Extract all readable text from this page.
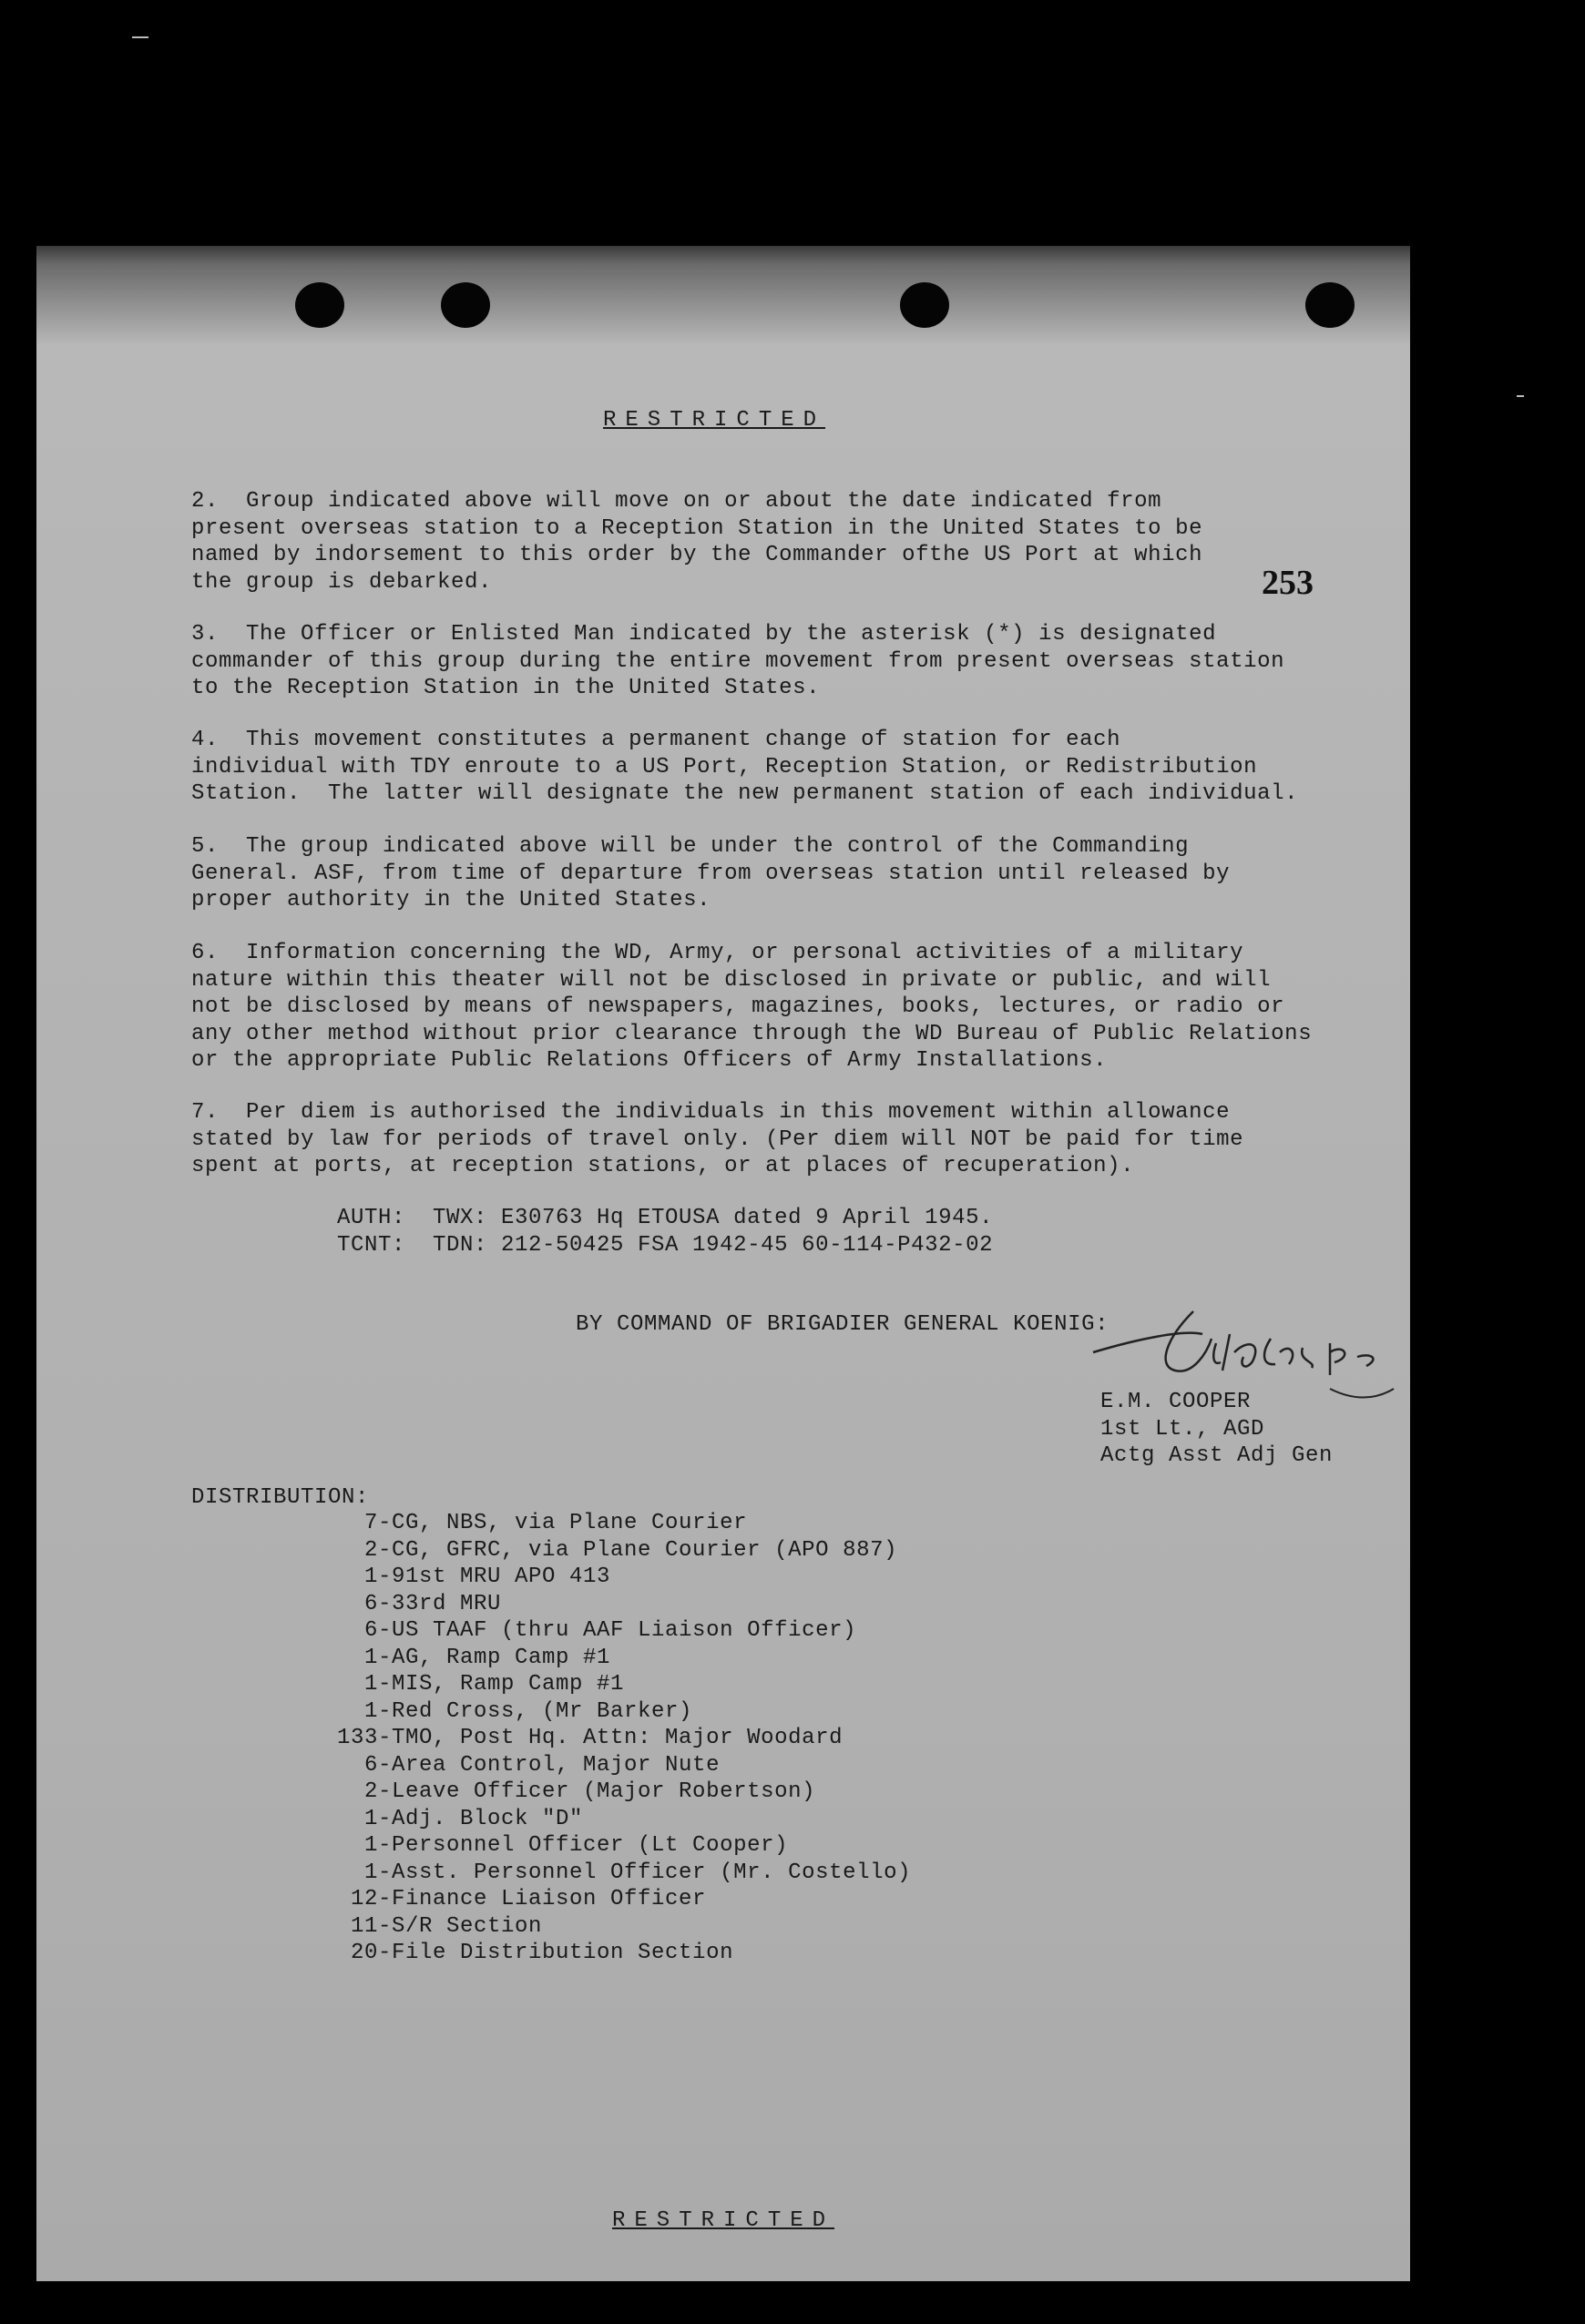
RESTRICTED
2.  Group indicated above will move on or about the date indicated from
present overseas station to a Reception Station in the United States to be
named by indorsement to this order by the Commander ofthe US Port at which
the group is debarked.	253
3.  The Officer or Enlisted Man indicated by the asterisk (*) is designated
commander of this group during the entire movement from present overseas station
to the Reception Station in the United States.
4.  This movement constitutes a permanent change of station for each
individual with TDY enroute to a US Port, Reception Station, or Redistribution
Station.  The latter will designate the new permanent station of each individual.
5.  The group indicated above will be under the control of the Commanding
General. ASF, from time of departure from overseas station until released by
proper authority in the United States.
6.  Information concerning the WD, Army, or personal activities of a military
nature within this theater will not be disclosed in private or public, and will
not be disclosed by means of newspapers, magazines, books, lectures, or radio or
any other method without prior clearance through the WD Bureau of Public Relations
or the appropriate Public Relations Officers of Army Installations.
7.  Per diem is authorised the individuals in this movement within allowance
stated by law for periods of travel only. (Per diem will NOT be paid for time
spent at ports, at reception stations, or at places of recuperation).
AUTH:  TWX: E30763 Hq ETOUSA dated 9 April 1945.
TCNT:  TDN: 212-50425 FSA 1942-45 60-114-P432-02
BY COMMAND OF BRIGADIER GENERAL KOENIG:
E.M. COOPER
1st Lt., AGD
Actg Asst Adj Gen
DISTRIBUTION:
7-CG, NBS, via Plane Courier
2-CG, GFRC, via Plane Courier (APO 887)
1-91st MRU APO 413
6-33rd MRU
6-US TAAF (thru AAF Liaison Officer)
1-AG, Ramp Camp #1
1-MIS, Ramp Camp #1
1-Red Cross, (Mr Barker)
133-TMO, Post Hq. Attn: Major Woodard
6-Area Control, Major Nute
2-Leave Officer (Major Robertson)
1-Adj. Block "D"
1-Personnel Officer (Lt Cooper)
1-Asst. Personnel Officer (Mr. Costello)
12-Finance Liaison Officer
11-S/R Section
20-File Distribution Section
RESTRICTED
